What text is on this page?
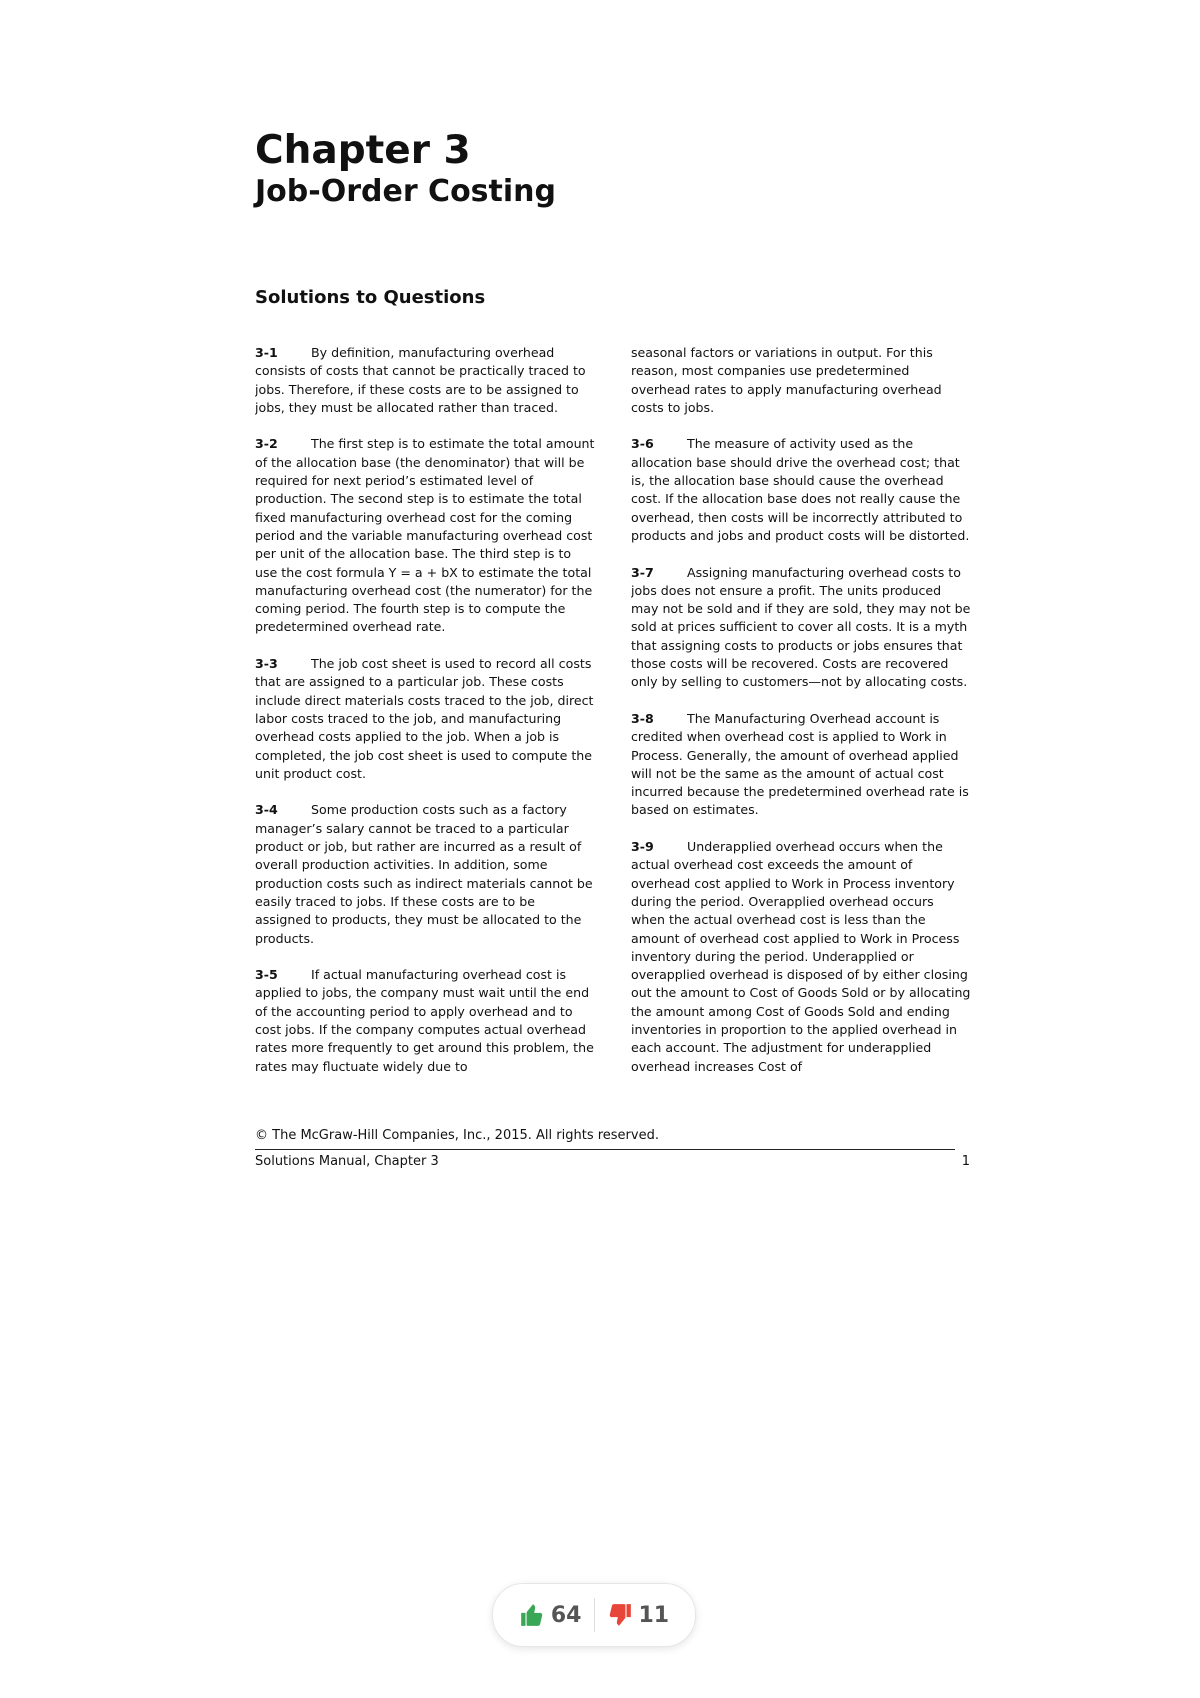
Chapter 3
Job-Order Costing
Solutions to Questions

3-1	By definition, manufacturing overhead consists of costs that cannot be practically traced to jobs. Therefore, if these costs are to be assigned to jobs, they must be allocated rather than traced.

3-2	The first step is to estimate the total amount of the allocation base (the denominator) that will be required for next period’s estimated level of production. The second step is to estimate the total fixed manufacturing overhead cost for the coming period and the variable manufacturing overhead cost per unit of the allocation base. The third step is to use the cost formula Y = a + bX to estimate the total manufacturing overhead cost (the numerator) for the coming period. The fourth step is to compute the predetermined overhead rate.

3-3	The job cost sheet is used to record all costs that are assigned to a particular job. These costs include direct materials costs traced to the job, direct labor costs traced to the job, and manufacturing overhead costs applied to the job. When a job is completed, the job cost sheet is used to compute the unit product cost.

3-4	Some production costs such as a factory manager’s salary cannot be traced to a particular product or job, but rather are incurred as a result of overall production activities. In addition, some production costs such as indirect materials cannot be easily traced to jobs. If these costs are to be assigned to products, they must be allocated to the products.

3-5	If actual manufacturing overhead cost is applied to jobs, the company must wait until the end of the accounting period to apply overhead and to cost jobs. If the company computes actual overhead rates more frequently to get around this problem, the rates may fluctuate widely due to

seasonal factors or variations in output. For this reason, most companies use predetermined overhead rates to apply manufacturing overhead costs to jobs.

3-6	The measure of activity used as the allocation base should drive the overhead cost; that is, the allocation base should cause the overhead cost. If the allocation base does not really cause the overhead, then costs will be incorrectly attributed to products and jobs and product costs will be distorted.

3-7	Assigning manufacturing overhead costs to jobs does not ensure a profit. The units produced may not be sold and if they are sold, they may not be sold at prices sufficient to cover all costs. It is a myth that assigning costs to products or jobs ensures that those costs will be recovered. Costs are recovered only by selling to customers—not by allocating costs.

3-8	The Manufacturing Overhead account is credited when overhead cost is applied to Work in Process. Generally, the amount of overhead applied will not be the same as the amount of actual cost incurred because the predetermined overhead rate is based on estimates.

3-9	Underapplied overhead occurs when the actual overhead cost exceeds the amount of overhead cost applied to Work in Process inventory during the period. Overapplied overhead occurs when the actual overhead cost is less than the amount of overhead cost applied to Work in Process inventory during the period. Underapplied or overapplied overhead is disposed of by either closing out the amount to Cost of Goods Sold or by allocating the amount among Cost of Goods Sold and ending inventories in proportion to the applied overhead in each account. The adjustment for underapplied overhead increases Cost of

© The McGraw-Hill Companies, Inc., 2015. All rights reserved.
Solutions Manual, Chapter 3	1
64	11
